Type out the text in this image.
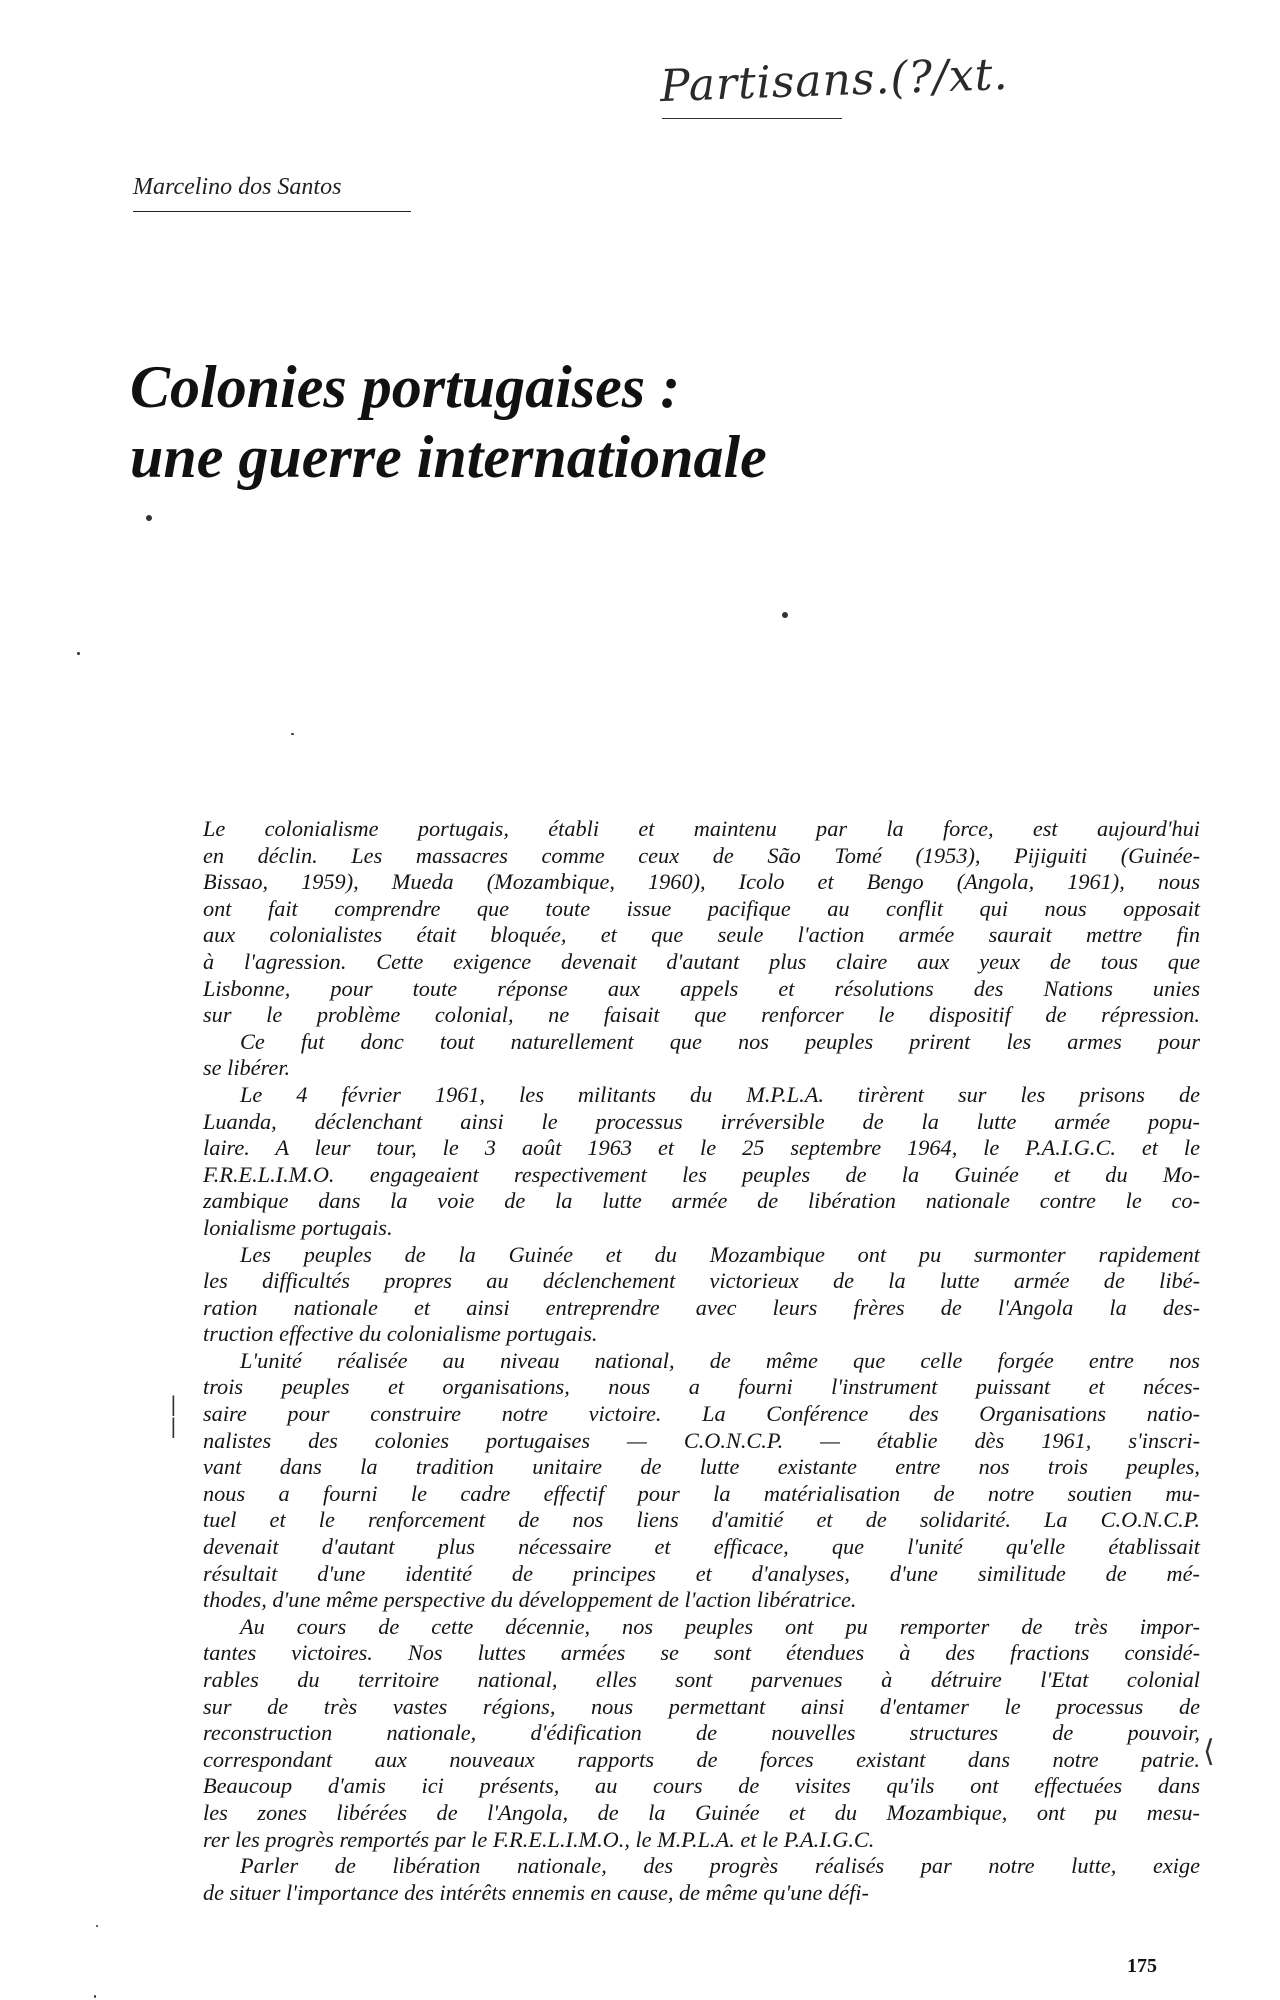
Partisans.(?/xt.
Marcelino dos Santos
Colonies portugaises :
une guerre internationale
Le colonialisme portugais, établi et maintenu par la force, est aujourd'hui
en déclin. Les massacres comme ceux de São Tomé (1953), Pijiguiti (Guinée-
Bissao, 1959), Mueda (Mozambique, 1960), Icolo et Bengo (Angola, 1961), nous
ont fait comprendre que toute issue pacifique au conflit qui nous opposait
aux colonialistes était bloquée, et que seule l'action armée saurait mettre fin
à l'agression. Cette exigence devenait d'autant plus claire aux yeux de tous que
Lisbonne, pour toute réponse aux appels et résolutions des Nations unies
sur le problème colonial, ne faisait que renforcer le dispositif de répression.
Ce fut donc tout naturellement que nos peuples prirent les armes pour
se libérer.
Le 4 février 1961, les militants du M.P.L.A. tirèrent sur les prisons de
Luanda, déclenchant ainsi le processus irréversible de la lutte armée popu-
laire. A leur tour, le 3 août 1963 et le 25 septembre 1964, le P.A.I.G.C. et le
F.R.E.L.I.M.O. engageaient respectivement les peuples de la Guinée et du Mo-
zambique dans la voie de la lutte armée de libération nationale contre le co-
lonialisme portugais.
Les peuples de la Guinée et du Mozambique ont pu surmonter rapidement
les difficultés propres au déclenchement victorieux de la lutte armée de libé-
ration nationale et ainsi entreprendre avec leurs frères de l'Angola la des-
truction effective du colonialisme portugais.
L'unité réalisée au niveau national, de même que celle forgée entre nos
trois peuples et organisations, nous a fourni l'instrument puissant et néces-
saire pour construire notre victoire. La Conférence des Organisations natio-
nalistes des colonies portugaises — C.O.N.C.P. — établie dès 1961, s'inscri-
vant dans la tradition unitaire de lutte existante entre nos trois peuples,
nous a fourni le cadre effectif pour la matérialisation de notre soutien mu-
tuel et le renforcement de nos liens d'amitié et de solidarité. La C.O.N.C.P.
devenait d'autant plus nécessaire et efficace, que l'unité qu'elle établissait
résultait d'une identité de principes et d'analyses, d'une similitude de mé-
thodes, d'une même perspective du développement de l'action libératrice.
Au cours de cette décennie, nos peuples ont pu remporter de très impor-
tantes victoires. Nos luttes armées se sont étendues à des fractions considé-
rables du territoire national, elles sont parvenues à détruire l'Etat colonial
sur de très vastes régions, nous permettant ainsi d'entamer le processus de
reconstruction nationale, d'édification de nouvelles structures de pouvoir,
correspondant aux nouveaux rapports de forces existant dans notre patrie.
Beaucoup d'amis ici présents, au cours de visites qu'ils ont effectuées dans
les zones libérées de l'Angola, de la Guinée et du Mozambique, ont pu mesu-
rer les progrès remportés par le F.R.E.L.I.M.O., le M.P.L.A. et le P.A.I.G.C.
Parler de libération nationale, des progrès réalisés par notre lutte, exige
de situer l'importance des intérêts ennemis en cause, de même qu'une défi-
|
|
⟨
175
